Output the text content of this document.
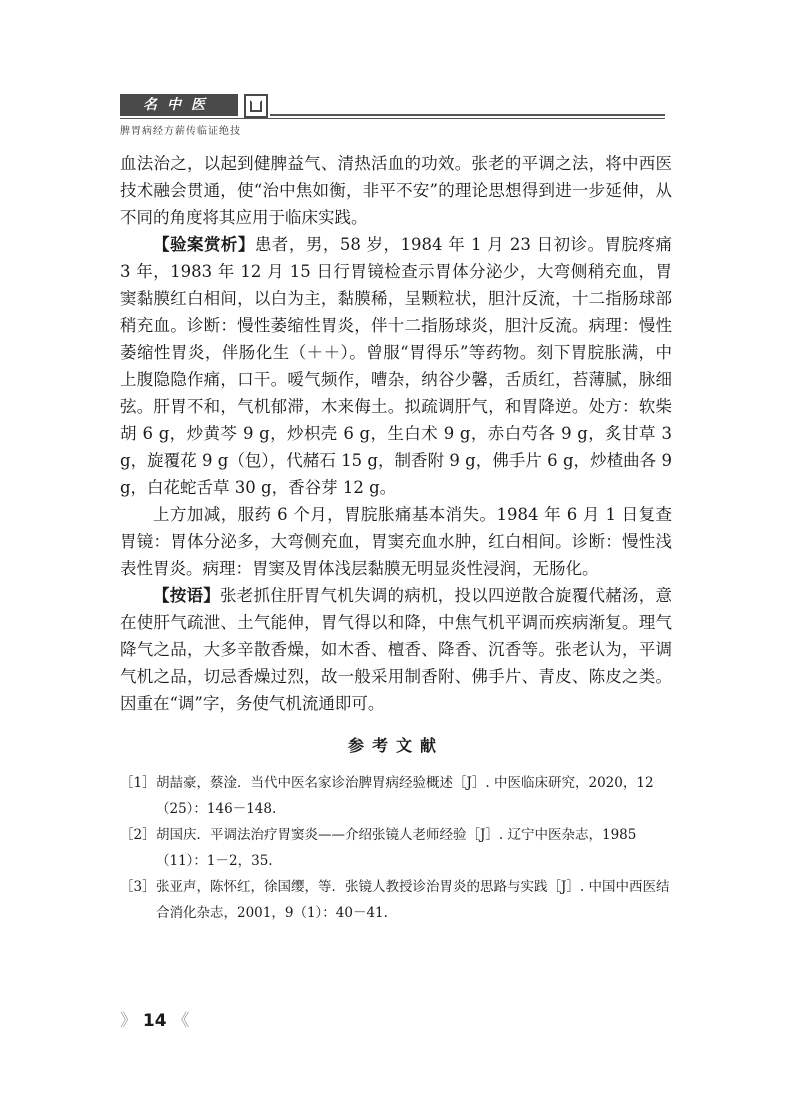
名中医
脾胃病经方薪传临证绝技

血法治之，以起到健脾益气、清热活血的功效。张老的平调之法，将中西医技术融会贯通，使“治中焦如衡，非平不安”的理论思想得到进一步延伸，从不同的角度将其应用于临床实践。

【验案赏析】患者，男，58 岁，1984 年 1 月 23 日初诊。胃脘疼痛 3 年，1983 年 12 月 15 日行胃镜检查示胃体分泌少，大弯侧稍充血，胃窦黏膜红白相间，以白为主，黏膜稀，呈颗粒状，胆汁反流，十二指肠球部稍充血。诊断：慢性萎缩性胃炎，伴十二指肠球炎，胆汁反流。病理：慢性萎缩性胃炎，伴肠化生（＋＋）。曾服“胃得乐”等药物。刻下胃脘胀满，中上腹隐隐作痛，口干。嗳气频作，嘈杂，纳谷少馨，舌质红，苔薄腻，脉细弦。肝胃不和，气机郁滞，木来侮土。拟疏调肝气，和胃降逆。处方：软柴胡 6 g，炒黄芩 9 g，炒枳壳 6 g，生白术 9 g，赤白芍各 9 g，炙甘草 3 g，旋覆花 9 g（包），代赭石 15 g，制香附 9 g，佛手片 6 g，炒楂曲各 9 g，白花蛇舌草 30 g，香谷芽 12 g。

上方加减，服药 6 个月，胃脘胀痛基本消失。1984 年 6 月 1 日复查胃镜：胃体分泌多，大弯侧充血，胃窦充血水肿，红白相间。诊断：慢性浅表性胃炎。病理：胃窦及胃体浅层黏膜无明显炎性浸润，无肠化。

【按语】张老抓住肝胃气机失调的病机，投以四逆散合旋覆代赭汤，意在使肝气疏泄、土气能伸，胃气得以和降，中焦气机平调而疾病渐复。理气降气之品，大多辛散香燥，如木香、檀香、降香、沉香等。张老认为，平调气机之品，切忌香燥过烈，故一般采用制香附、佛手片、青皮、陈皮之类。因重在“调”字，务使气机流通即可。

参考文献
［1］ 胡喆豪，蔡淦．当代中医名家诊治脾胃病经验概述［J］. 中医临床研究，2020，12（25）：146－148.
［2］ 胡国庆．平调法治疗胃窦炎——介绍张镜人老师经验［J］. 辽宁中医杂志，1985（11）：1－2，35.
［3］ 张亚声，陈怀红，徐国缨，等．张镜人教授诊治胃炎的思路与实践［J］. 中国中西医结合消化杂志，2001，9（1）：40－41.
》 14 《
